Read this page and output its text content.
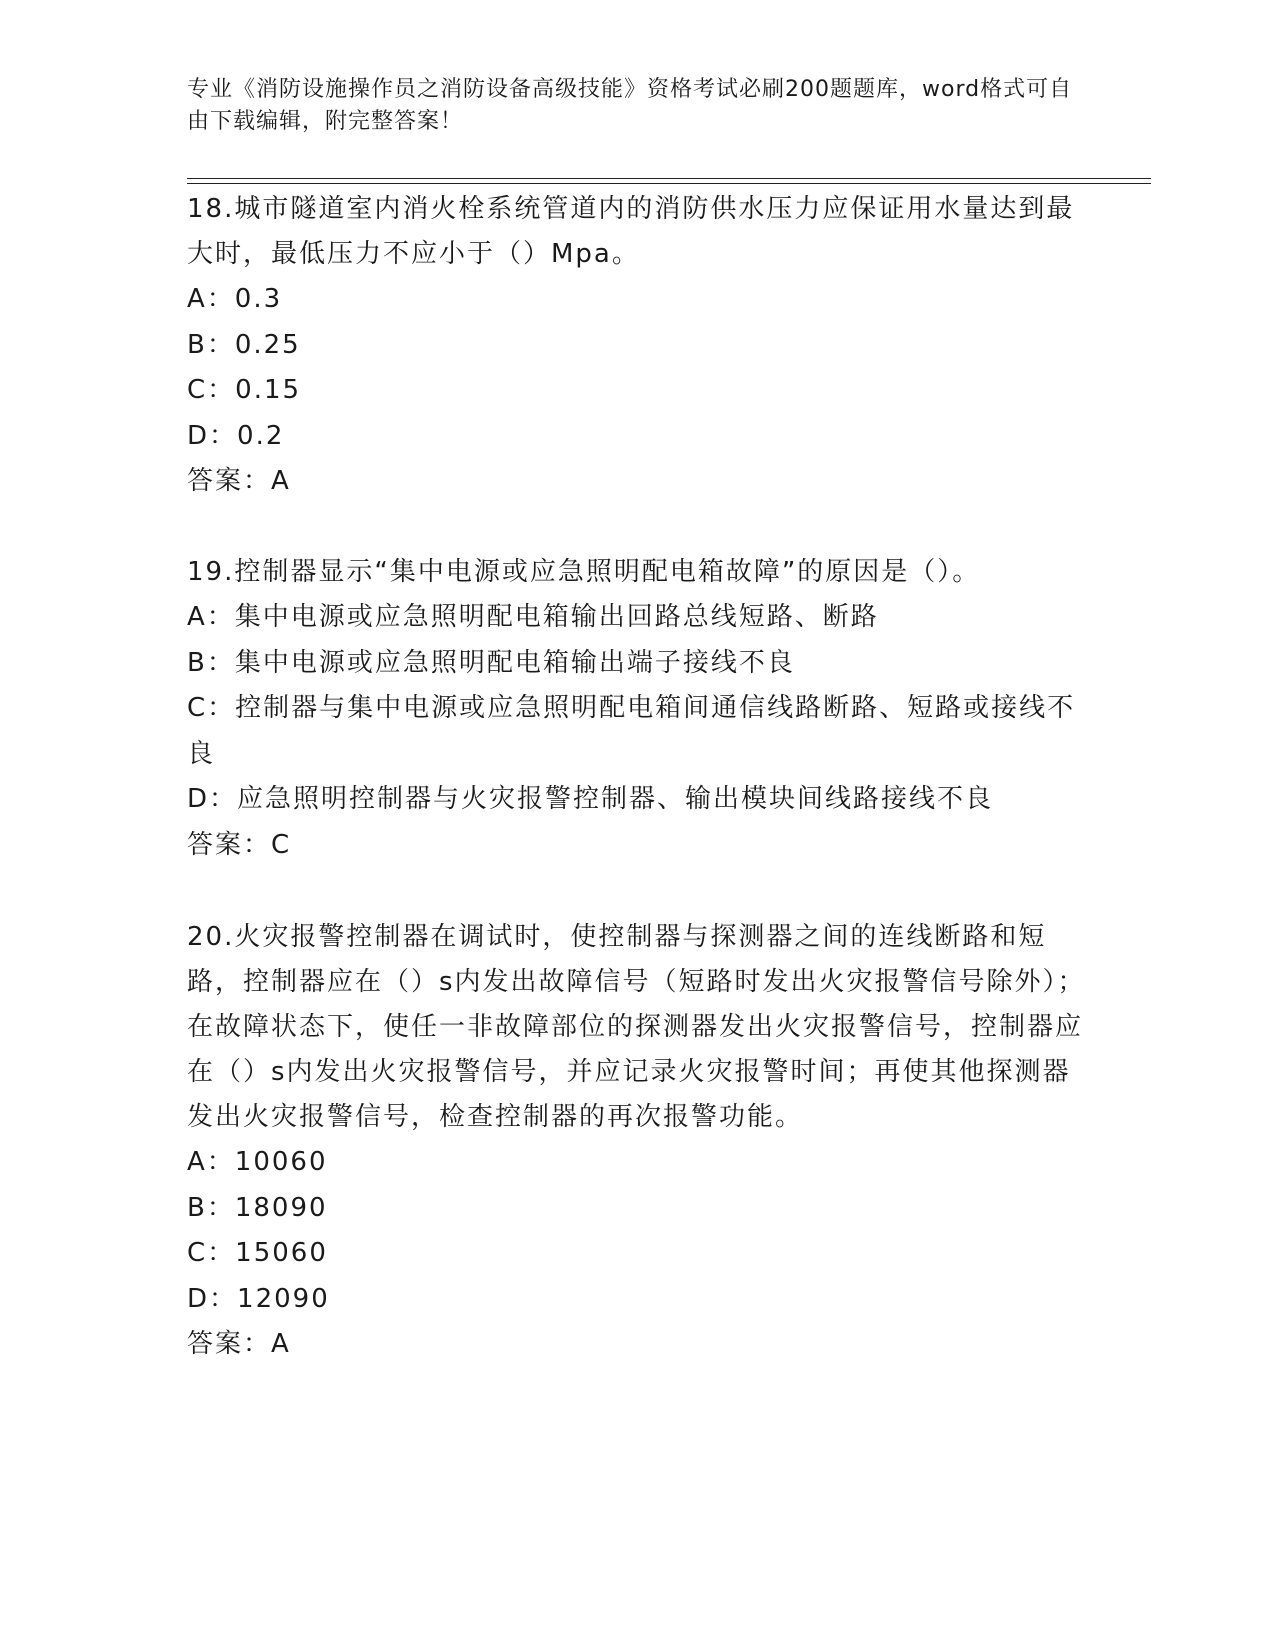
专业《消防设施操作员之消防设备高级技能》资格考试必刷200题题库，word格式可自由下载编辑，附完整答案！

18.城市隧道室内消火栓系统管道内的消防供水压力应保证用水量达到最大时，最低压力不应小于（）Mpa。

A：0.3

B：0.25

C：0.15

D：0.2

答案：A

19.控制器显示“集中电源或应急照明配电箱故障”的原因是（）。

A：集中电源或应急照明配电箱输出回路总线短路、断路

B：集中电源或应急照明配电箱输出端子接线不良

C：控制器与集中电源或应急照明配电箱间通信线路断路、短路或接线不良

D：应急照明控制器与火灾报警控制器、输出模块间线路接线不良

答案：C

20.火灾报警控制器在调试时，使控制器与探测器之间的连线断路和短路，控制器应在（）s内发出故障信号（短路时发出火灾报警信号除外）；在故障状态下，使任一非故障部位的探测器发出火灾报警信号，控制器应在（）s内发出火灾报警信号，并应记录火灾报警时间；再使其他探测器发出火灾报警信号，检查控制器的再次报警功能。

A：10060

B：18090

C：15060

D：12090

答案：A
